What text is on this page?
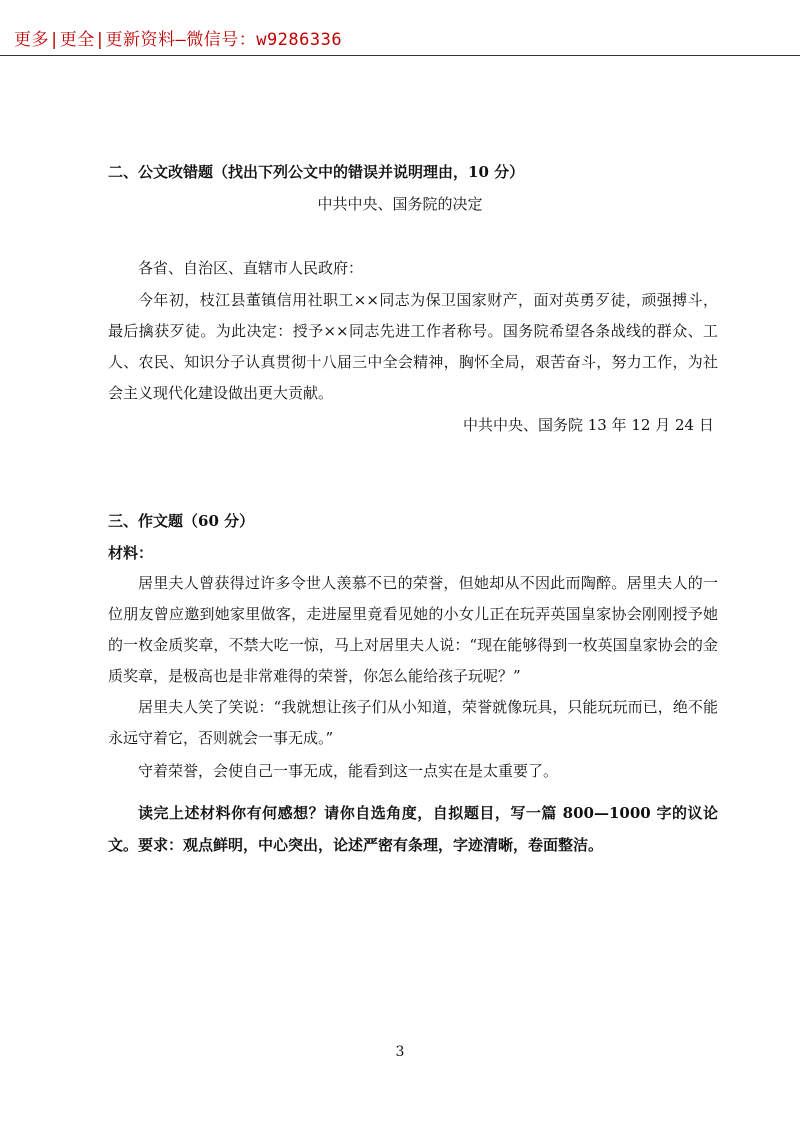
更多|更全|更新资料—微信号：w9286336
二、公文改错题（找出下列公文中的错误并说明理由，10 分）
中共中央、国务院的决定
各省、自治区、直辖市人民政府：
今年初，枝江县董镇信用社职工××同志为保卫国家财产，面对英勇歹徒，顽强搏斗，最后擒获歹徒。为此决定：授予××同志先进工作者称号。国务院希望各条战线的群众、工人、农民、知识分子认真贯彻十八届三中全会精神，胸怀全局，艰苦奋斗，努力工作，为社会主义现代化建设做出更大贡献。
中共中央、国务院 13 年 12 月 24 日
三、作文题（60 分）
材料：
居里夫人曾获得过许多令世人羡慕不已的荣誉，但她却从不因此而陶醉。居里夫人的一位朋友曾应邀到她家里做客，走进屋里竟看见她的小女儿正在玩弄英国皇家协会刚刚授予她的一枚金质奖章，不禁大吃一惊，马上对居里夫人说：“现在能够得到一枚英国皇家协会的金质奖章，是极高也是非常难得的荣誉，你怎么能给孩子玩呢？”
居里夫人笑了笑说：“我就想让孩子们从小知道，荣誉就像玩具，只能玩玩而已，绝不能永远守着它，否则就会一事无成。”
守着荣誉，会使自己一事无成，能看到这一点实在是太重要了。
读完上述材料你有何感想？请你自选角度，自拟题目，写一篇 800—1000 字的议论文。要求：观点鲜明，中心突出，论述严密有条理，字迹清晰，卷面整洁。
3
